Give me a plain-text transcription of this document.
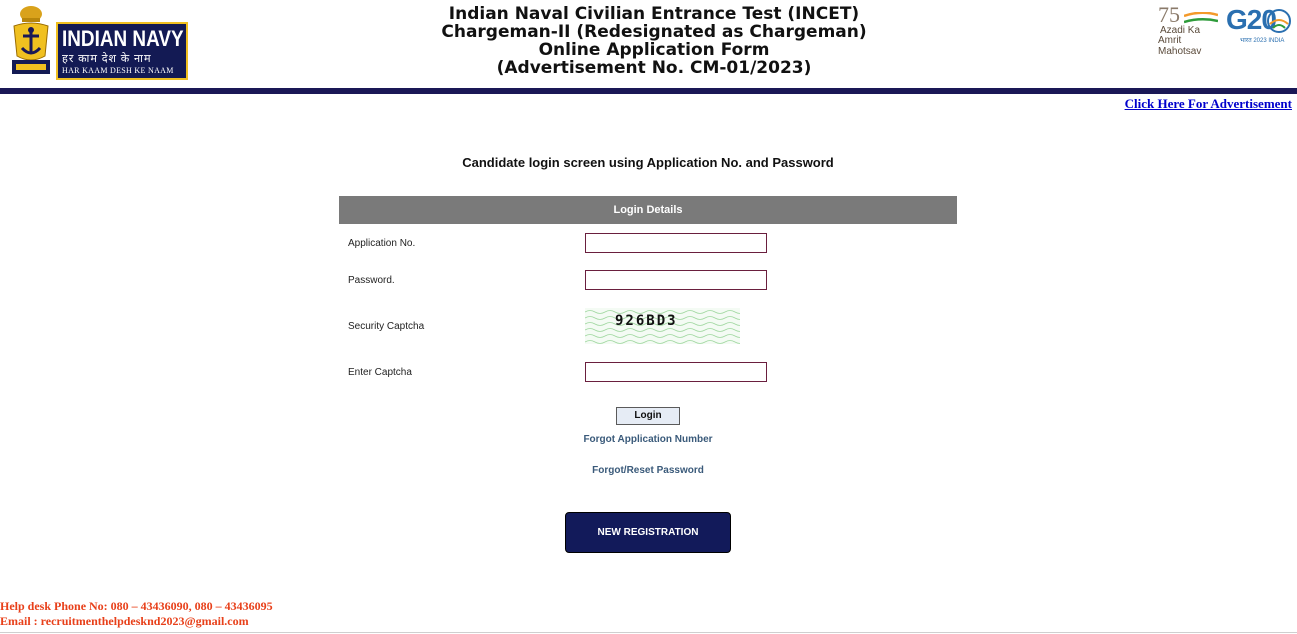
INDIAN NAVY
हर काम देश के नाम
HAR KAAM DESH KE NAAM
Indian Naval Civilian Entrance Test (INCET)
Chargeman-II (Redesignated as Chargeman)
Online Application Form
(Advertisement No. CM-01/2023)
75
Azadi Ka
Amrit Mahotsav
G20
भारत 2023 INDIA
Click Here For Advertisement
Candidate login screen using Application No. and Password
Login Details
Application No.
Password.
Security Captcha	926BD3
Enter Captcha
Login
Forgot Application Number
Forgot/Reset Password
NEW REGISTRATION
Help desk Phone No: 080 – 43436090, 080 – 43436095
Email : recruitmenthelpdesknd2023@gmail.com
